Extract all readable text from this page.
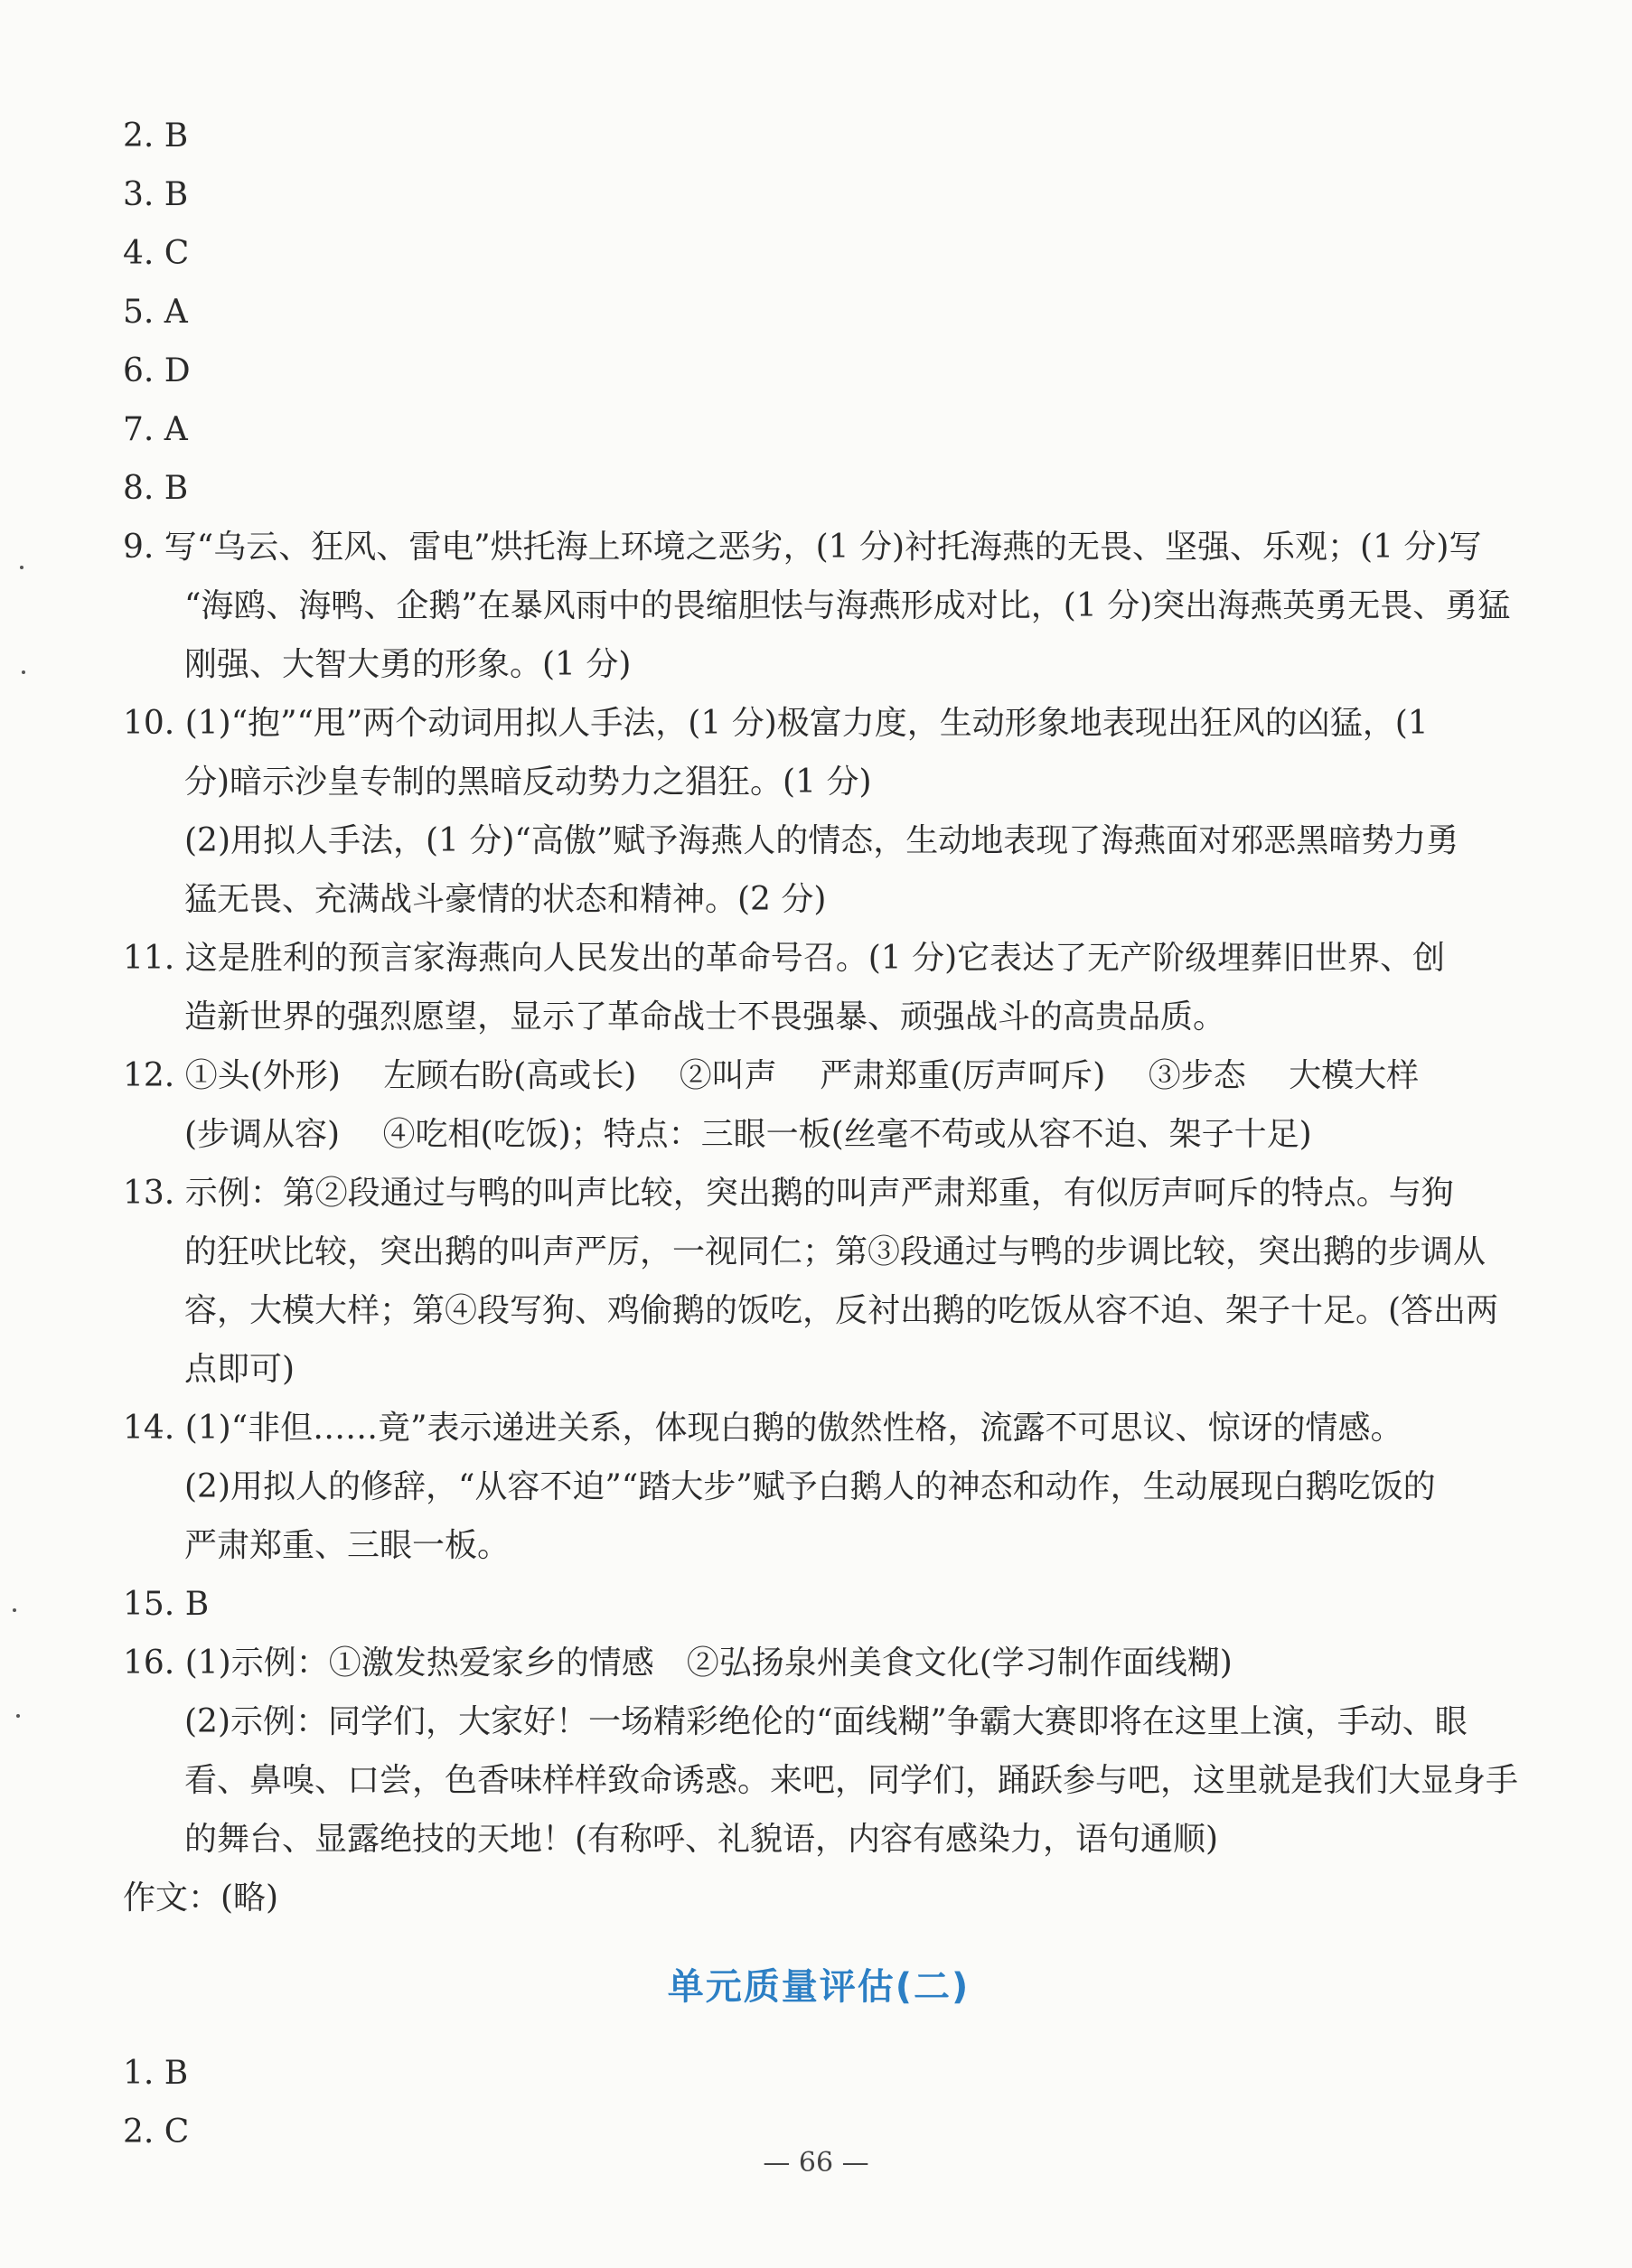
2. B
3. B
4. C
5. A
6. D
7. A
8. B
9. 写“乌云、狂风、雷电”烘托海上环境之恶劣，(1 分)衬托海燕的无畏、坚强、乐观；(1 分)写
“海鸥、海鸭、企鹅”在暴风雨中的畏缩胆怯与海燕形成对比，(1 分)突出海燕英勇无畏、勇猛
刚强、大智大勇的形象。(1 分)
10. (1)“抱”“甩”两个动词用拟人手法，(1 分)极富力度，生动形象地表现出狂风的凶猛，(1
分)暗示沙皇专制的黑暗反动势力之猖狂。(1 分)
(2)用拟人手法，(1 分)“高傲”赋予海燕人的情态，生动地表现了海燕面对邪恶黑暗势力勇
猛无畏、充满战斗豪情的状态和精神。(2 分)
11. 这是胜利的预言家海燕向人民发出的革命号召。(1 分)它表达了无产阶级埋葬旧世界、创
造新世界的强烈愿望，显示了革命战士不畏强暴、顽强战斗的高贵品质。
12. ①头(外形)　 左顾右盼(高或长)　 ②叫声　 严肃郑重(厉声呵斥)　 ③步态　 大模大样
(步调从容)　 ④吃相(吃饭)；特点：三眼一板(丝毫不苟或从容不迫、架子十足)
13. 示例：第②段通过与鸭的叫声比较，突出鹅的叫声严肃郑重，有似厉声呵斥的特点。与狗
的狂吠比较，突出鹅的叫声严厉，一视同仁；第③段通过与鸭的步调比较，突出鹅的步调从
容，大模大样；第④段写狗、鸡偷鹅的饭吃，反衬出鹅的吃饭从容不迫、架子十足。(答出两
点即可)
14. (1)“非但……竟”表示递进关系，体现白鹅的傲然性格，流露不可思议、惊讶的情感。
(2)用拟人的修辞，“从容不迫”“踏大步”赋予白鹅人的神态和动作，生动展现白鹅吃饭的
严肃郑重、三眼一板。
15. B
16. (1)示例：①激发热爱家乡的情感　②弘扬泉州美食文化(学习制作面线糊)
(2)示例：同学们，大家好！一场精彩绝伦的“面线糊”争霸大赛即将在这里上演，手动、眼
看、鼻嗅、口尝，色香味样样致命诱惑。来吧，同学们，踊跃参与吧，这里就是我们大显身手
的舞台、显露绝技的天地！(有称呼、礼貌语，内容有感染力，语句通顺)
作文：(略)
单元质量评估(二)
1. B
2. C
— 66 —
